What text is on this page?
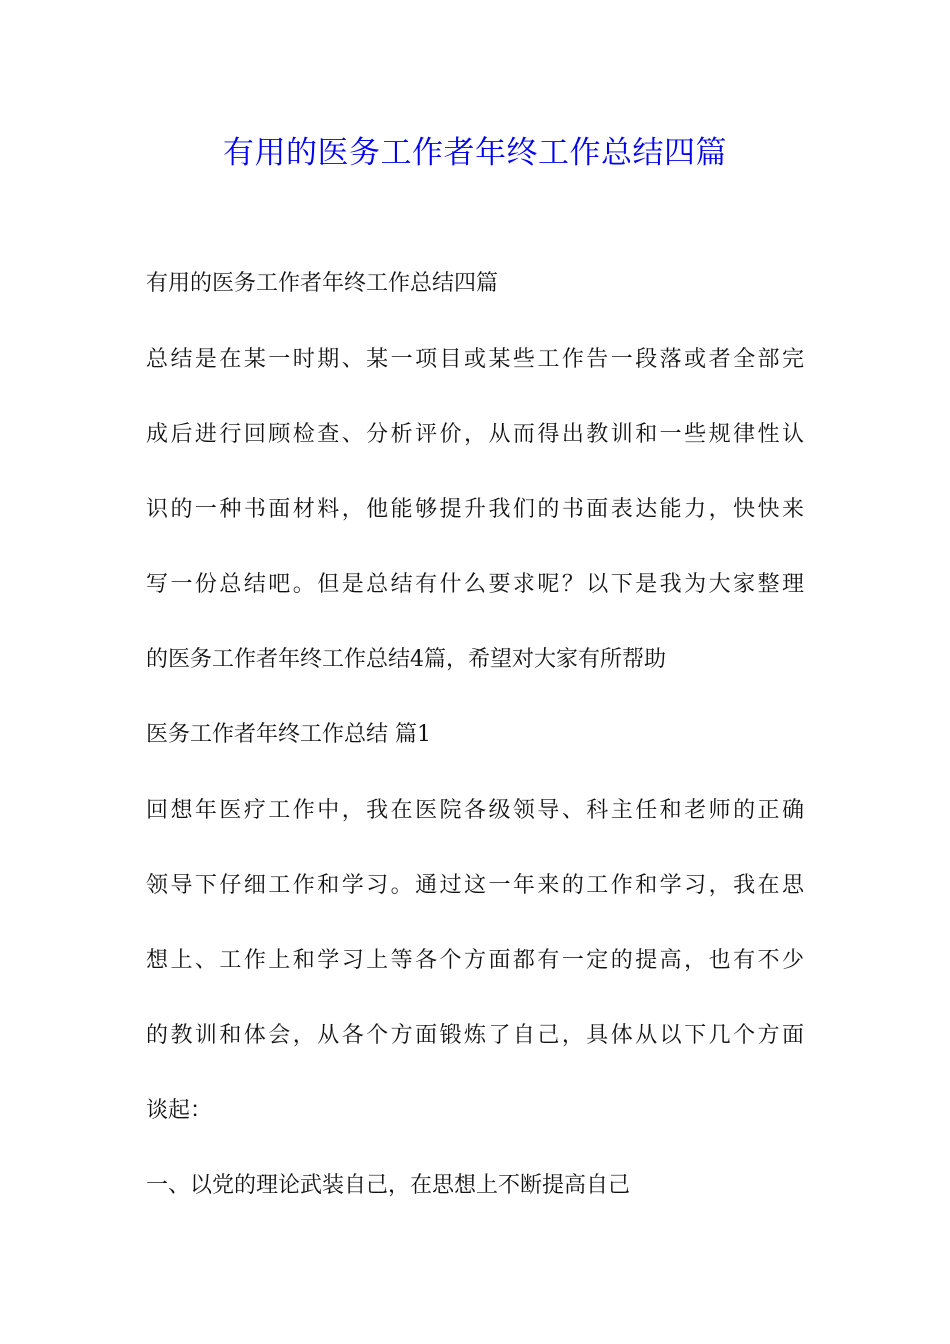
有用的医务工作者年终工作总结四篇

有用的医务工作者年终工作总结四篇

总结是在某一时期、某一项目或某些工作告一段落或者全部完

成后进行回顾检查、分析评价，从而得出教训和一些规律性认

识的一种书面材料，他能够提升我们的书面表达能力，快快来

写一份总结吧。但是总结有什么要求呢？以下是我为大家整理

的医务工作者年终工作总结4篇，希望对大家有所帮助

医务工作者年终工作总结 篇1

回想年医疗工作中，我在医院各级领导、科主任和老师的正确

领导下仔细工作和学习。通过这一年来的工作和学习，我在思

想上、工作上和学习上等各个方面都有一定的提高，也有不少

的教训和体会，从各个方面锻炼了自己，具体从以下几个方面

谈起：

一、以党的理论武装自己，在思想上不断提高自己
